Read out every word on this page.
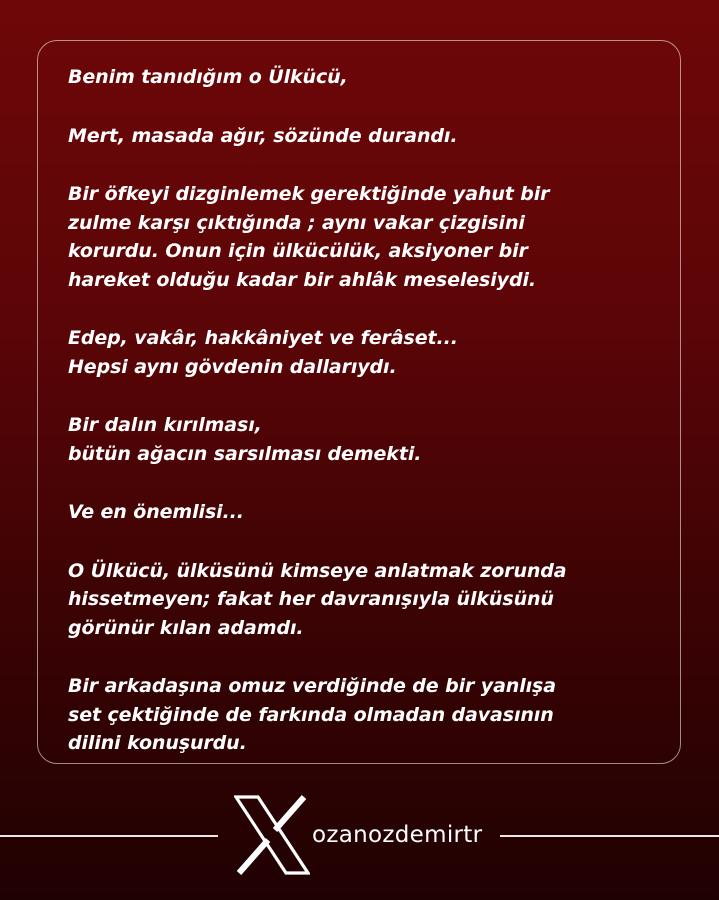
Benim tanıdığım o Ülkücü,

Mert, masada ağır, sözünde durandı.

Bir öfkeyi dizginlemek gerektiğinde yahut bir
zulme karşı çıktığında ; aynı vakar çizgisini
korurdu. Onun için ülkücülük, aksiyoner bir
hareket olduğu kadar bir ahlâk meselesiydi.

Edep, vakâr, hakkâniyet ve ferâset...
Hepsi aynı gövdenin dallarıydı.

Bir dalın kırılması,
bütün ağacın sarsılması demekti.

Ve en önemlisi...

O Ülkücü, ülküsünü kimseye anlatmak zorunda
hissetmeyen; fakat her davranışıyla ülküsünü
görünür kılan adamdı.

Bir arkadaşına omuz verdiğinde de bir yanlışa
set çektiğinde de farkında olmadan davasının
dilini konuşurdu.

ozanozdemirtr
